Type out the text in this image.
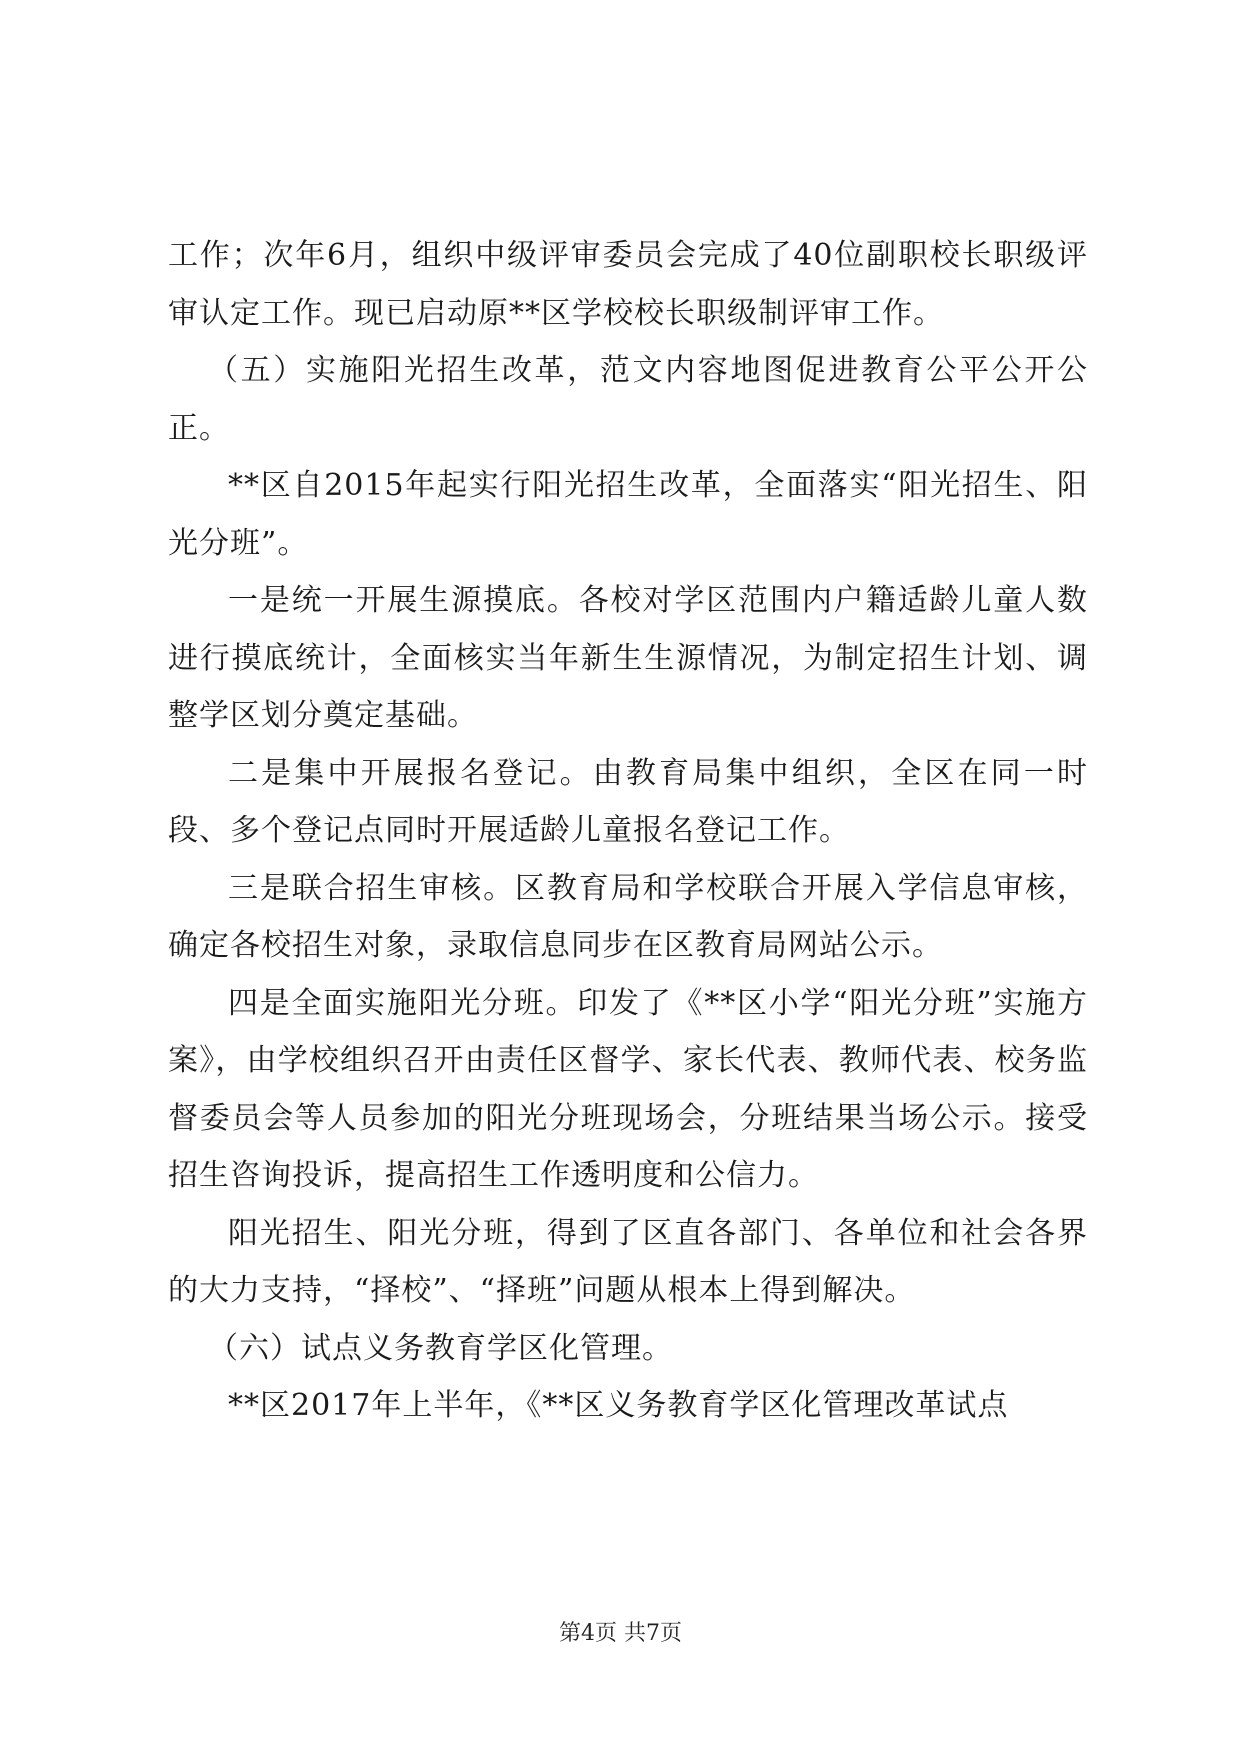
工作；次年6月，组织中级评审委员会完成了40位副职校长职级评审认定工作。现已启动原**区学校校长职级制评审工作。

（五）实施阳光招生改革，范文内容地图促进教育公平公开公正。

**区自2015年起实行阳光招生改革，全面落实“阳光招生、阳光分班”。

一是统一开展生源摸底。各校对学区范围内户籍适龄儿童人数进行摸底统计，全面核实当年新生生源情况，为制定招生计划、调整学区划分奠定基础。

二是集中开展报名登记。由教育局集中组织，全区在同一时段、多个登记点同时开展适龄儿童报名登记工作。

三是联合招生审核。区教育局和学校联合开展入学信息审核，确定各校招生对象，录取信息同步在区教育局网站公示。

四是全面实施阳光分班。印发了《**区小学“阳光分班”实施方案》，由学校组织召开由责任区督学、家长代表、教师代表、校务监督委员会等人员参加的阳光分班现场会，分班结果当场公示。接受招生咨询投诉，提高招生工作透明度和公信力。

阳光招生、阳光分班，得到了区直各部门、各单位和社会各界的大力支持，“择校”、“择班”问题从根本上得到解决。

（六）试点义务教育学区化管理。

**区2017年上半年，《**区义务教育学区化管理改革试点

第4页 共7页
